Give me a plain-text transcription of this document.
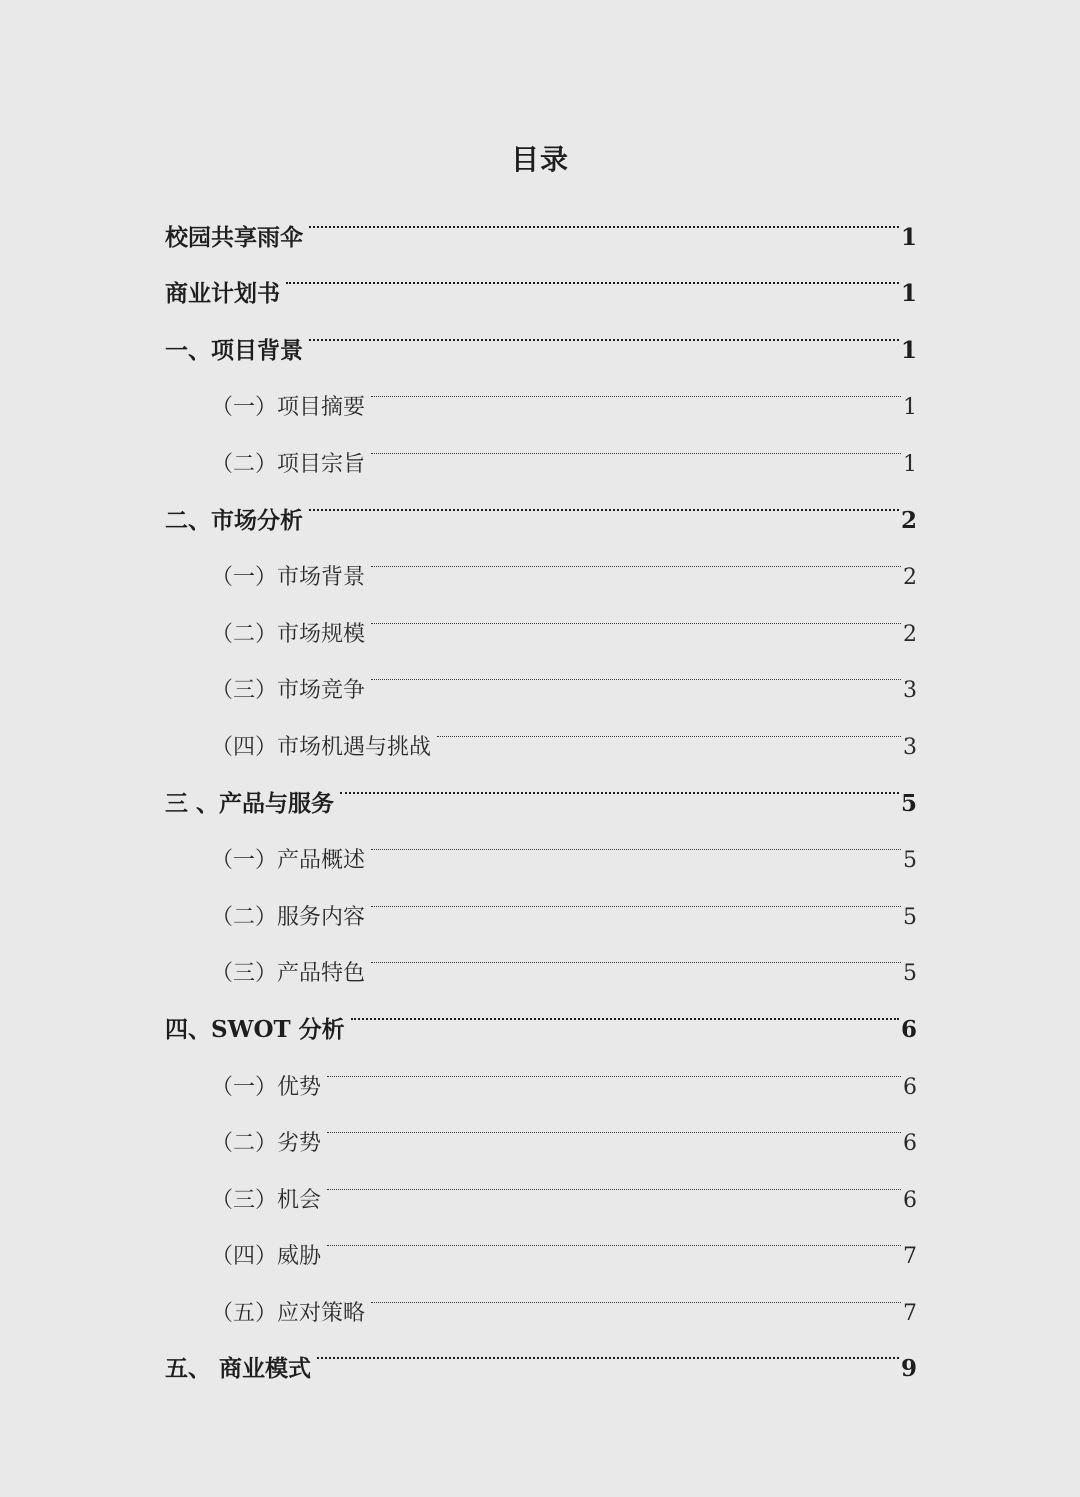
目录
校园共享雨伞	1
商业计划书	1
一、项目背景	1
（一）项目摘要	1
（二）项目宗旨	1
二、市场分析	2
（一）市场背景	2
（二）市场规模	2
（三）市场竞争	3
（四）市场机遇与挑战	3
三 、产品与服务	5
（一）产品概述	5
（二）服务内容	5
（三）产品特色	5
四、SWOT 分析	6
（一）优势	6
（二）劣势	6
（三）机会	6
（四）威胁	7
（五）应对策略	7
五、 商业模式	9
